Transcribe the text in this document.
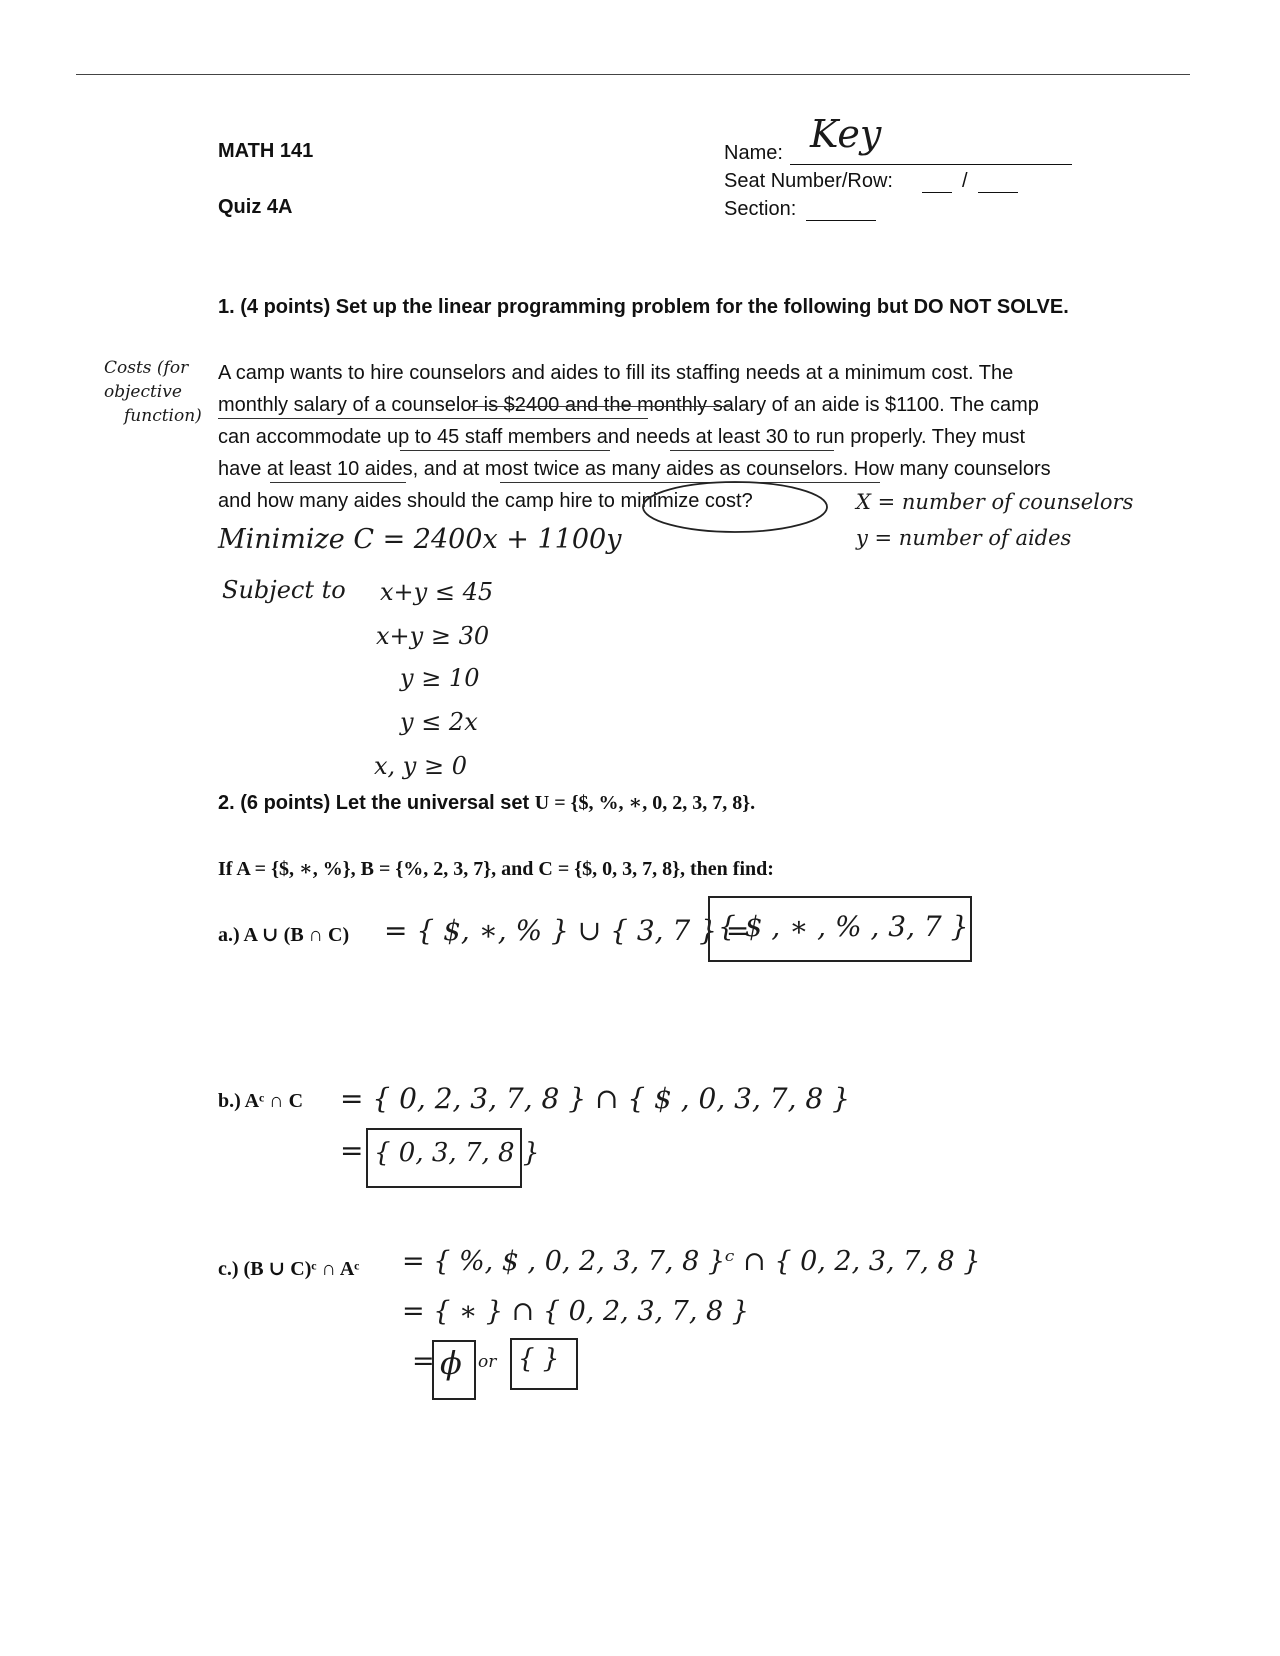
MATH 141
Quiz 4A
Name: Key
Seat Number/Row:	/
Section:
1. (4 points) Set up the linear programming problem for the following but DO NOT SOLVE.
Costs (for
objective
function)
A camp wants to hire counselors and aides to fill its staffing needs at a minimum cost. The
monthly salary of a counselor is $2400 and the monthly salary of an aide is $1100. The camp
can accommodate up to 45 staff members and needs at least 30 to run properly. They must
have at least 10 aides, and at most twice as many aides as counselors. How many counselors
and how many aides should the camp hire to minimize cost?	X = number of counselors
y = number of aides
Minimize C = 2400x + 1100y
Subject to x+y ≤ 45
x+y ≥ 30
y ≥ 10
y ≤ 2x
x, y ≥ 0
2. (6 points) Let the universal set U = {$, %, ∗, 0, 2, 3, 7, 8}.
If A = {$, ∗, %}, B = {%, 2, 3, 7}, and C = {$, 0, 3, 7, 8}, then find:
a.) A ∪ (B ∩ C) = { $, ∗, % } ∪ { 3, 7 } =
{ $ , ∗ , % , 3, 7 }
b.) Aᶜ ∩ C = { 0, 2, 3, 7, 8 } ∩ { $ , 0, 3, 7, 8 }
= { 0, 3, 7, 8 }
c.) (B ∪ C)ᶜ ∩ Aᶜ = { %, $ , 0, 2, 3, 7, 8 }ᶜ ∩ { 0, 2, 3, 7, 8 }
= { ∗ } ∩ { 0, 2, 3, 7, 8 }
= ϕ or { }
